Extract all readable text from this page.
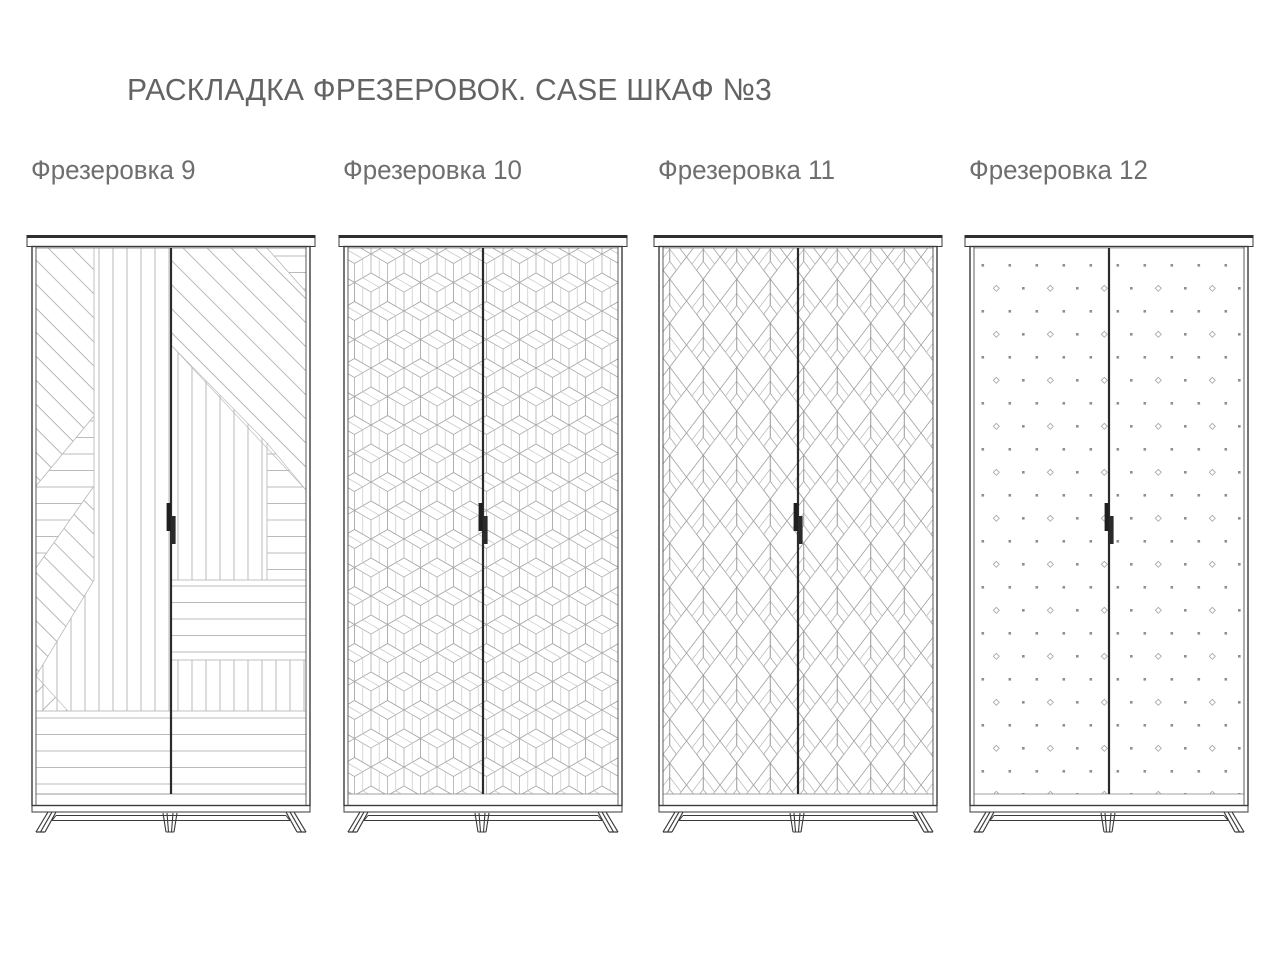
РАСКЛАДКА ФРЕЗЕРОВОК. CASE ШКАФ №3
Фрезеровка 9	Фрезеровка 10	Фрезеровка 11	Фрезеровка 12
